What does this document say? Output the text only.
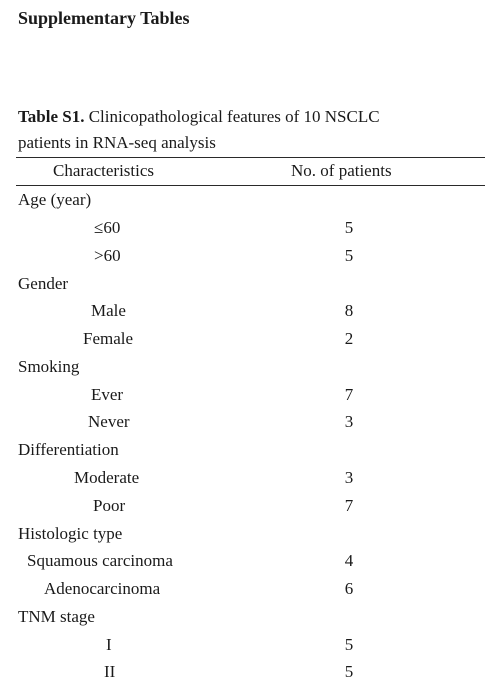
Supplementary Tables
Table S1. Clinicopathological features of 10 NSCLC
patients in RNA-seq analysis
Characteristics	No. of patients
Age (year)
≤60	5
>60	5
Gender
Male	8
Female	2
Smoking
Ever	7
Never	3
Differentiation
Moderate	3
Poor	7
Histologic type
Squamous carcinoma	4
Adenocarcinoma	6
TNM stage
I	5
II	5
